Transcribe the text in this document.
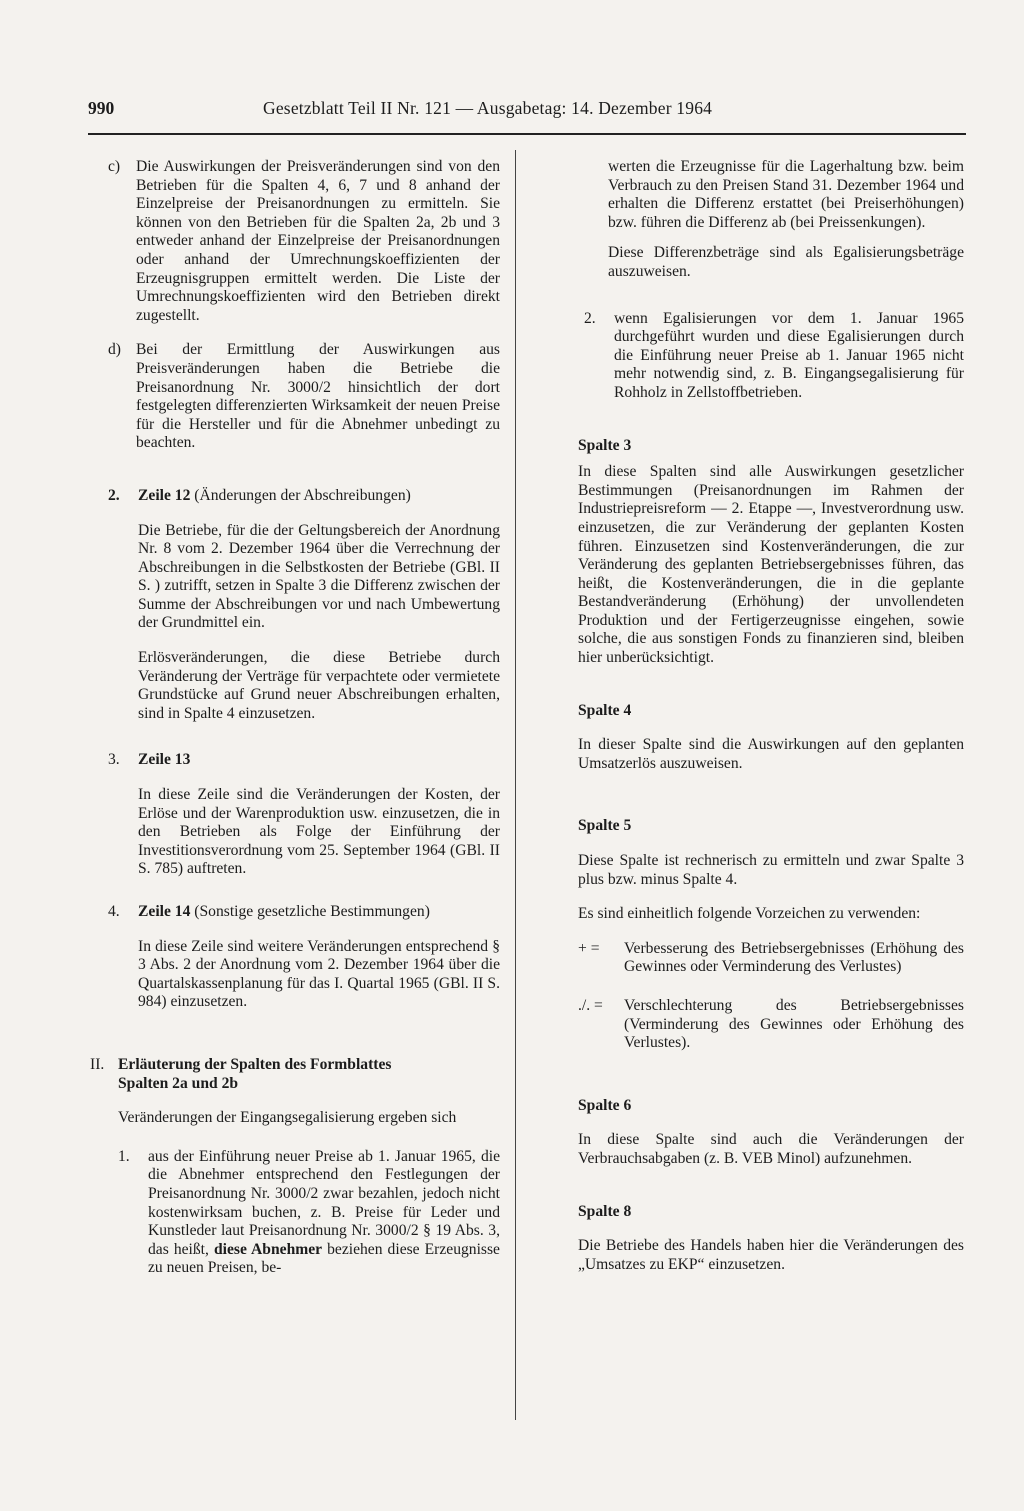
990	Gesetzblatt Teil II Nr. 121 — Ausgabetag: 14. Dezember 1964
c) Die Auswirkungen der Preisveränderungen sind von den Betrieben für die Spalten 4, 6, 7 und 8 anhand der Einzelpreise der Preisanordnungen zu ermitteln. Sie können von den Betrieben für die Spalten 2a, 2b und 3 entweder anhand der Einzelpreise der Preisanordnungen oder anhand der Umrechnungskoeffizienten der Erzeugnisgruppen ermittelt werden. Die Liste der Umrechnungskoeffizienten wird den Betrieben direkt zugestellt.

d) Bei der Ermittlung der Auswirkungen aus Preisveränderungen haben die Betriebe die Preisanordnung Nr. 3000/2 hinsichtlich der dort festgelegten differenzierten Wirksamkeit der neuen Preise für die Hersteller und für die Abnehmer unbedingt zu beachten.

2. Zeile 12 (Änderungen der Abschreibungen)

Die Betriebe, für die der Geltungsbereich der Anordnung Nr. 8 vom 2. Dezember 1964 über die Verrechnung der Abschreibungen in die Selbstkosten der Betriebe (GBl. II S. ) zutrifft, setzen in Spalte 3 die Differenz zwischen der Summe der Abschreibungen vor und nach Umbewertung der Grundmittel ein.

Erlösveränderungen, die diese Betriebe durch Veränderung der Verträge für verpachtete oder vermietete Grundstücke auf Grund neuer Abschreibungen erhalten, sind in Spalte 4 einzusetzen.

3. Zeile 13

In diese Zeile sind die Veränderungen der Kosten, der Erlöse und der Warenproduktion usw. einzusetzen, die in den Betrieben als Folge der Einführung der Investitionsverordnung vom 25. September 1964 (GBl. II S. 785) auftreten.

4. Zeile 14 (Sonstige gesetzliche Bestimmungen)

In diese Zeile sind weitere Veränderungen entsprechend § 3 Abs. 2 der Anordnung vom 2. Dezember 1964 über die Quartalskassenplanung für das I. Quartal 1965 (GBl. II S. 984) einzusetzen.

II. Erläuterung der Spalten des Formblattes
Spalten 2a und 2b

Veränderungen der Eingangsegalisierung ergeben sich

1. aus der Einführung neuer Preise ab 1. Januar 1965, die die Abnehmer entsprechend den Festlegungen der Preisanordnung Nr. 3000/2 zwar bezahlen, jedoch nicht kostenwirksam buchen, z. B. Preise für Leder und Kunstleder laut Preisanordnung Nr. 3000/2 § 19 Abs. 3, das heißt, diese Abnehmer beziehen diese Erzeugnisse zu neuen Preisen, be-

werten die Erzeugnisse für die Lagerhaltung bzw. beim Verbrauch zu den Preisen Stand 31. Dezember 1964 und erhalten die Differenz erstattet (bei Preiserhöhungen) bzw. führen die Differenz ab (bei Preissenkungen).

Diese Differenzbeträge sind als Egalisierungsbeträge auszuweisen.

2. wenn Egalisierungen vor dem 1. Januar 1965 durchgeführt wurden und diese Egalisierungen durch die Einführung neuer Preise ab 1. Januar 1965 nicht mehr notwendig sind, z. B. Eingangsegalisierung für Rohholz in Zellstoffbetrieben.

Spalte 3

In diese Spalten sind alle Auswirkungen gesetzlicher Bestimmungen (Preisanordnungen im Rahmen der Industriepreisreform — 2. Etappe —, Investverordnung usw. einzusetzen, die zur Veränderung der geplanten Kosten führen. Einzusetzen sind Kostenveränderungen, die zur Veränderung des geplanten Betriebsergebnisses führen, das heißt, die Kostenveränderungen, die in die geplante Bestandveränderung (Erhöhung) der unvollendeten Produktion und der Fertigerzeugnisse eingehen, sowie solche, die aus sonstigen Fonds zu finanzieren sind, bleiben hier unberücksichtigt.

Spalte 4

In dieser Spalte sind die Auswirkungen auf den geplanten Umsatzerlös auszuweisen.

Spalte 5

Diese Spalte ist rechnerisch zu ermitteln und zwar Spalte 3 plus bzw. minus Spalte 4.

Es sind einheitlich folgende Vorzeichen zu verwenden:

+ = Verbesserung des Betriebsergebnisses (Erhöhung des Gewinnes oder Verminderung des Verlustes)

./. = Verschlechterung des Betriebsergebnisses (Verminderung des Gewinnes oder Erhöhung des Verlustes).

Spalte 6

In diese Spalte sind auch die Veränderungen der Verbrauchsabgaben (z. B. VEB Minol) aufzunehmen.

Spalte 8

Die Betriebe des Handels haben hier die Veränderungen des „Umsatzes zu EKP“ einzusetzen.
